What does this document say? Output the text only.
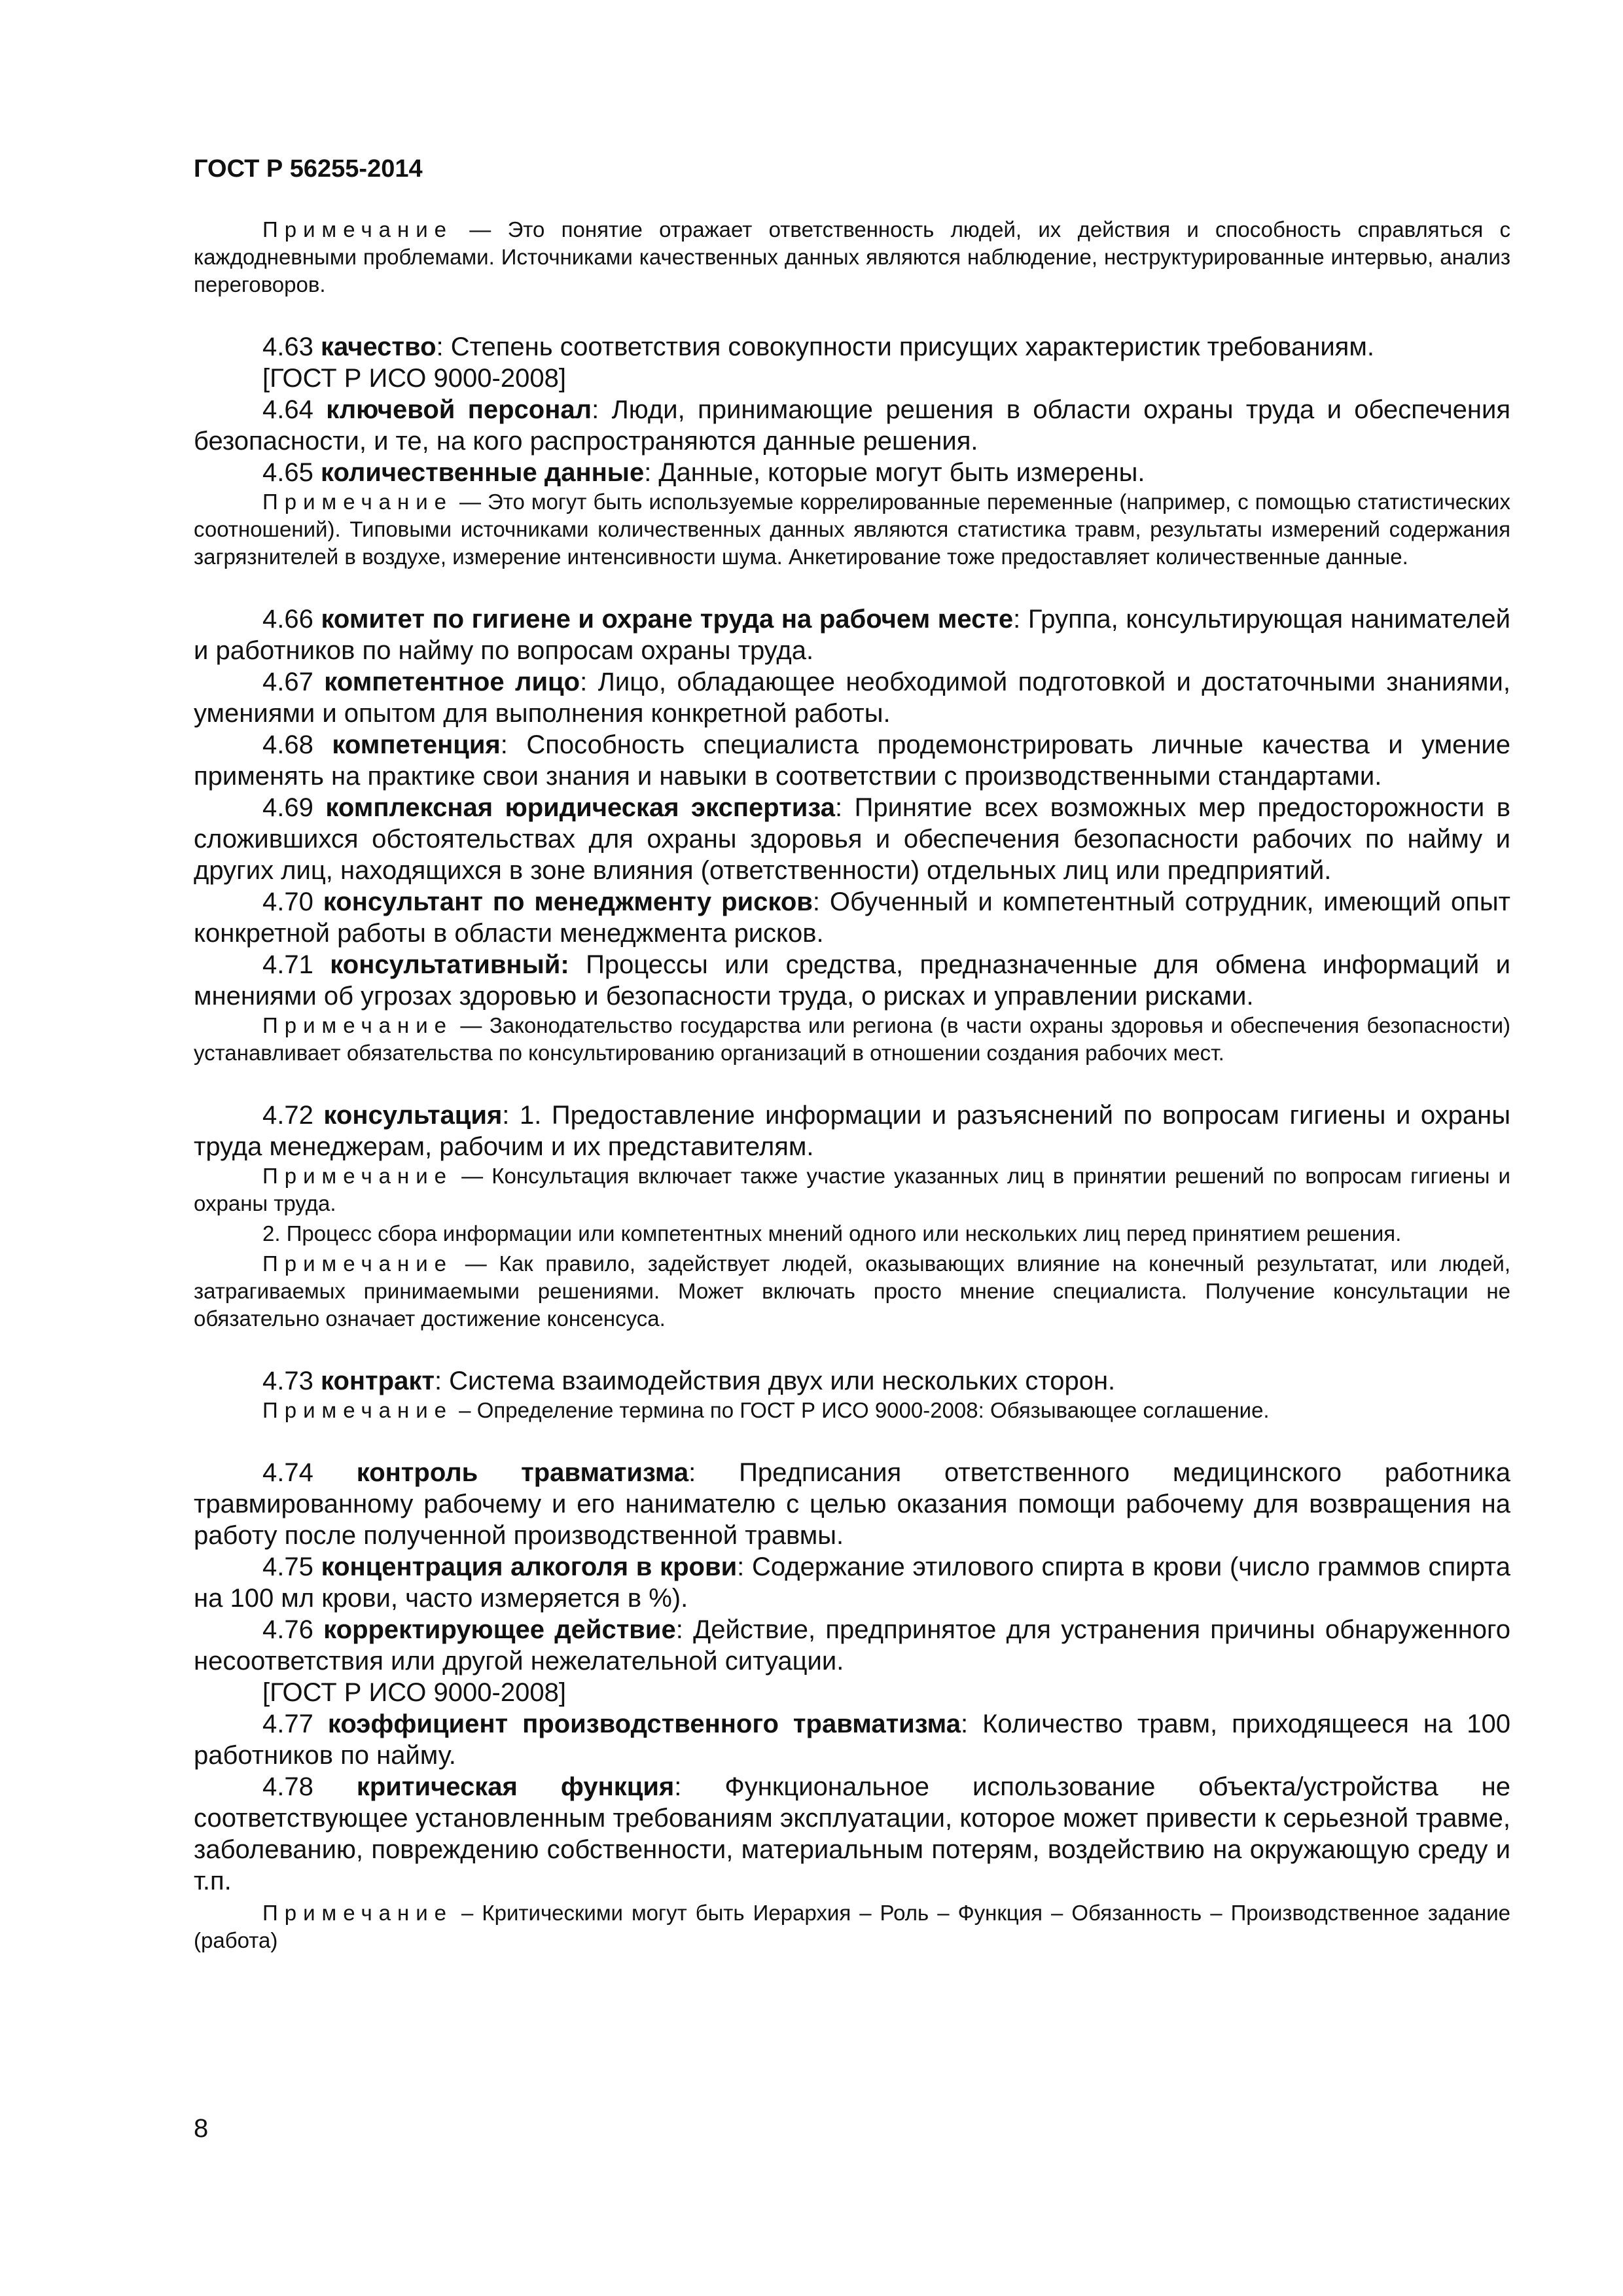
ГОСТ Р 56255-2014

Примечание — Это понятие отражает ответственность людей, их действия и способность справляться с каждодневными проблемами. Источниками качественных данных являются наблюдение, неструктурированные интервью, анализ переговоров.

4.63 качество: Степень соответствия совокупности присущих характеристик требованиям.

[ГОСТ Р ИСО 9000-2008]

4.64 ключевой персонал: Люди, принимающие решения в области охраны труда и обеспечения безопасности, и те, на кого распространяются данные решения.

4.65 количественные данные: Данные, которые могут быть измерены.

Примечание — Это могут быть используемые коррелированные переменные (например, с помощью статистических соотношений). Типовыми источниками количественных данных являются статистика травм, результаты измерений содержания загрязнителей в воздухе, измерение интенсивности шума. Анкетирование тоже предоставляет количественные данные.

4.66 комитет по гигиене и охране труда на рабочем месте: Группа, консультирующая нанимателей и работников по найму по вопросам охраны труда.

4.67 компетентное лицо: Лицо, обладающее необходимой подготовкой и достаточными знаниями, умениями и опытом для выполнения конкретной работы.

4.68 компетенция: Способность специалиста продемонстрировать личные качества и умение применять на практике свои знания и навыки в соответствии с производственными стандартами.

4.69 комплексная юридическая экспертиза: Принятие всех возможных мер предосторожности в сложившихся обстоятельствах для охраны здоровья и обеспечения безопасности рабочих по найму и других лиц, находящихся в зоне влияния (ответственности) отдельных лиц или предприятий.

4.70 консультант по менеджменту рисков: Обученный и компетентный сотрудник, имеющий опыт конкретной работы в области менеджмента рисков.

4.71 консультативный: Процессы или средства, предназначенные для обмена информаций и мнениями об угрозах здоровью и безопасности труда, о рисках и управлении рисками.

Примечание — Законодательство государства или региона (в части охраны здоровья и обеспечения безопасности) устанавливает обязательства по консультированию организаций в отношении создания рабочих мест.

4.72 консультация: 1. Предоставление информации и разъяснений по вопросам гигиены и охраны труда менеджерам, рабочим и их представителям.

Примечание — Консультация включает также участие указанных лиц в принятии решений по вопросам гигиены и охраны труда.

2. Процесс сбора информации или компетентных мнений одного или нескольких лиц перед принятием решения.

Примечание — Как правило, задействует людей, оказывающих влияние на конечный результатат, или людей, затрагиваемых принимаемыми решениями. Может включать просто мнение специалиста. Получение консультации не обязательно означает достижение консенсуса.

4.73 контракт: Система взаимодействия двух или нескольких сторон.

Примечание – Определение термина по ГОСТ Р ИСО 9000-2008: Обязывающее соглашение.

4.74 контроль травматизма: Предписания ответственного медицинского работника травмированному рабочему и его нанимателю с целью оказания помощи рабочему для возвращения на работу после полученной производственной травмы.

4.75 концентрация алкоголя в крови: Содержание этилового спирта в крови (число граммов спирта на 100 мл крови, часто измеряется в %).

4.76 корректирующее действие: Действие, предпринятое для устранения причины обнаруженного несоответствия или другой нежелательной ситуации.

[ГОСТ Р ИСО 9000-2008]

4.77 коэффициент производственного травматизма: Количество травм, приходящееся на 100 работников по найму.

4.78 критическая функция: Функциональное использование объекта/устройства не соответствующее установленным требованиям эксплуатации, которое может привести к серьезной травме, заболеванию, повреждению собственности, материальным потерям, воздействию на окружающую среду и т.п.

Примечание – Критическими могут быть Иерархия – Роль – Функция – Обязанность – Производственное задание (работа)

8
